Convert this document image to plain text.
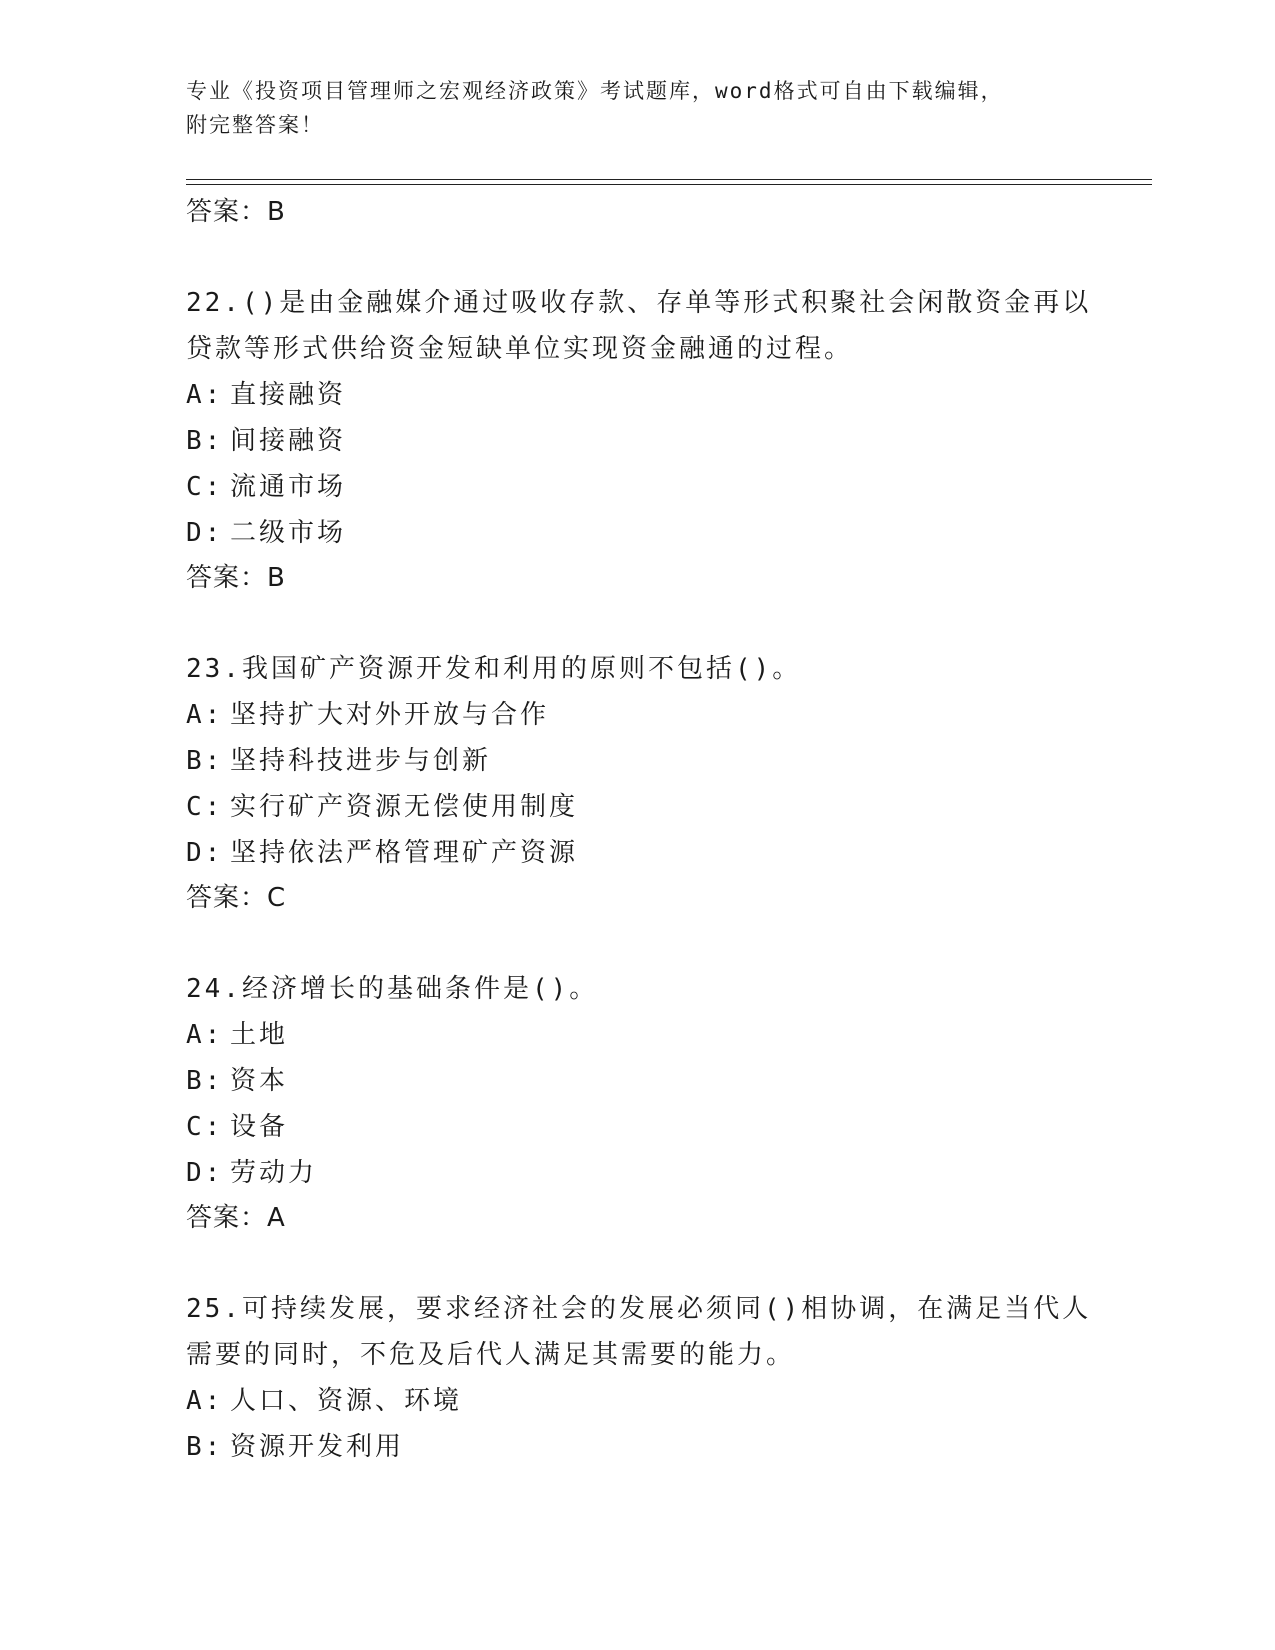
专业《投资项目管理师之宏观经济政策》考试题库，word格式可自由下载编辑，
附完整答案！
答案：B
22.()是由金融媒介通过吸收存款、存单等形式积聚社会闲散资金再以
贷款等形式供给资金短缺单位实现资金融通的过程。
A: 直接融资
B: 间接融资
C: 流通市场
D: 二级市场
答案：B
23.我国矿产资源开发和利用的原则不包括()。
A: 坚持扩大对外开放与合作
B: 坚持科技进步与创新
C: 实行矿产资源无偿使用制度
D: 坚持依法严格管理矿产资源
答案：C
24.经济增长的基础条件是()。
A: 土地
B: 资本
C: 设备
D: 劳动力
答案：A
25.可持续发展，要求经济社会的发展必须同()相协调，在满足当代人
需要的同时，不危及后代人满足其需要的能力。
A: 人口、资源、环境
B: 资源开发利用
